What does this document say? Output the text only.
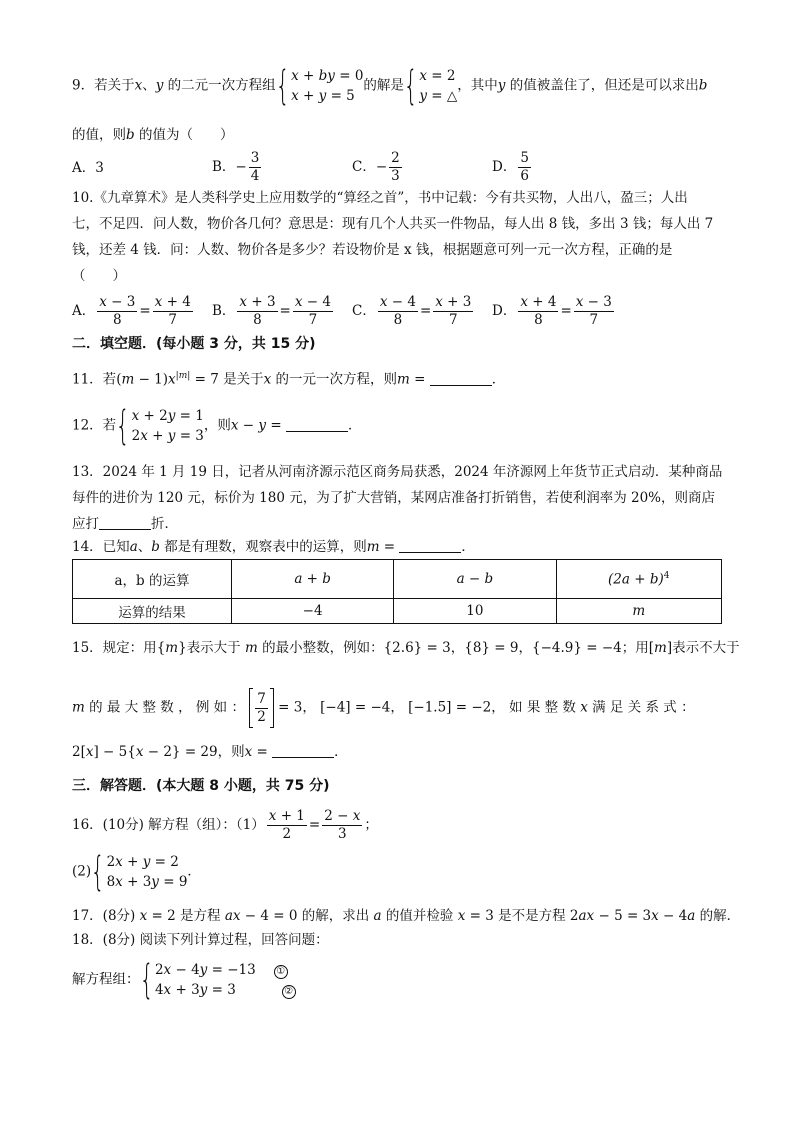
9．若关于x、y 的二元一次方程组 { x + by = 0
x + y = 5
的解是 { x = 2
y = △
，其中y 的值被盖住了，但还是可以求出b
的值，则b 的值为（　　）
A．3	B．− $\frac{3}{4}$	C．− $\frac{2}{3}$	D． $\frac{5}{6}$
10.《九章算术》是人类科学史上应用数学的“算经之首”，书中记载：今有共买物，人出八，盈三；人出
七，不足四．问人数，物价各几何？意思是：现有几个人共买一件物品，每人出 8 钱，多出 3 钱；每人出 7
钱，还差 4 钱．问：人数、物价各是多少？若设物价是 x 钱，根据题意可列一元一次方程，正确的是
（　　）
A． $\frac{x - 3}{8} = \frac{x + 4}{7}$ B． $\frac{x + 3}{8} = \frac{x - 4}{7}$ C． $\frac{x - 4}{8} = \frac{x + 3}{7}$ D． $\frac{x + 4}{8} = \frac{x - 3}{7}$
二．填空题．(每小题 3 分，共 15 分)
11．若$(m - 1)x^{|m|} = 7$ 是关于x 的一元一次方程，则m =	．
12．若 { x + 2y = 1
2x + y = 3
，则x − y =	．
13．2024 年 1 月 19 日，记者从河南济源示范区商务局获悉，2024 年济源网上年货节正式启动．某种商品
每件的进价为 120 元，标价为 180 元，为了扩大营销，某网店准备打折销售，若使利润率为 20%，则商店
应打	折．
14．已知a、b 都是有理数，观察表中的运算，则m =	．
a，b 的运算	a + b	a − b	$(2a + b)^4$
运算的结果	−4	10	m
15．规定：用{m}表示大于 m 的最小整数，例如：{2.6} = 3，{8} = 9，{−4.9} = −4；用[m]表示不大于
m 的 最 大 整 数 ， 例 如 ： $\frac{7}{2} = 3$， [−4] = −4， [−1.5] = −2， 如 果 整 数 x 满 足 关 系 式 ：
2[x] − 5{x − 2} = 29，则x =	．
三．解答题．(本大题 8 小题，共 75 分)
16．(10分) 解方程（组）：$(1) \frac{x + 1}{2} = \frac{2 - x}{3}$ ；
(2) { 2x + y = 2
8x + 3y = 9
．
17．(8分) x = 2 是方程 ax − 4 = 0 的解，求出 a 的值并检验 x = 3 是不是方程 2ax − 5 = 3x − 4a 的解．
18．(8分) 阅读下列计算过程，回答问题：
解方程组： { 2x − 4y = −13 ①
4x + 3y = 3	②
